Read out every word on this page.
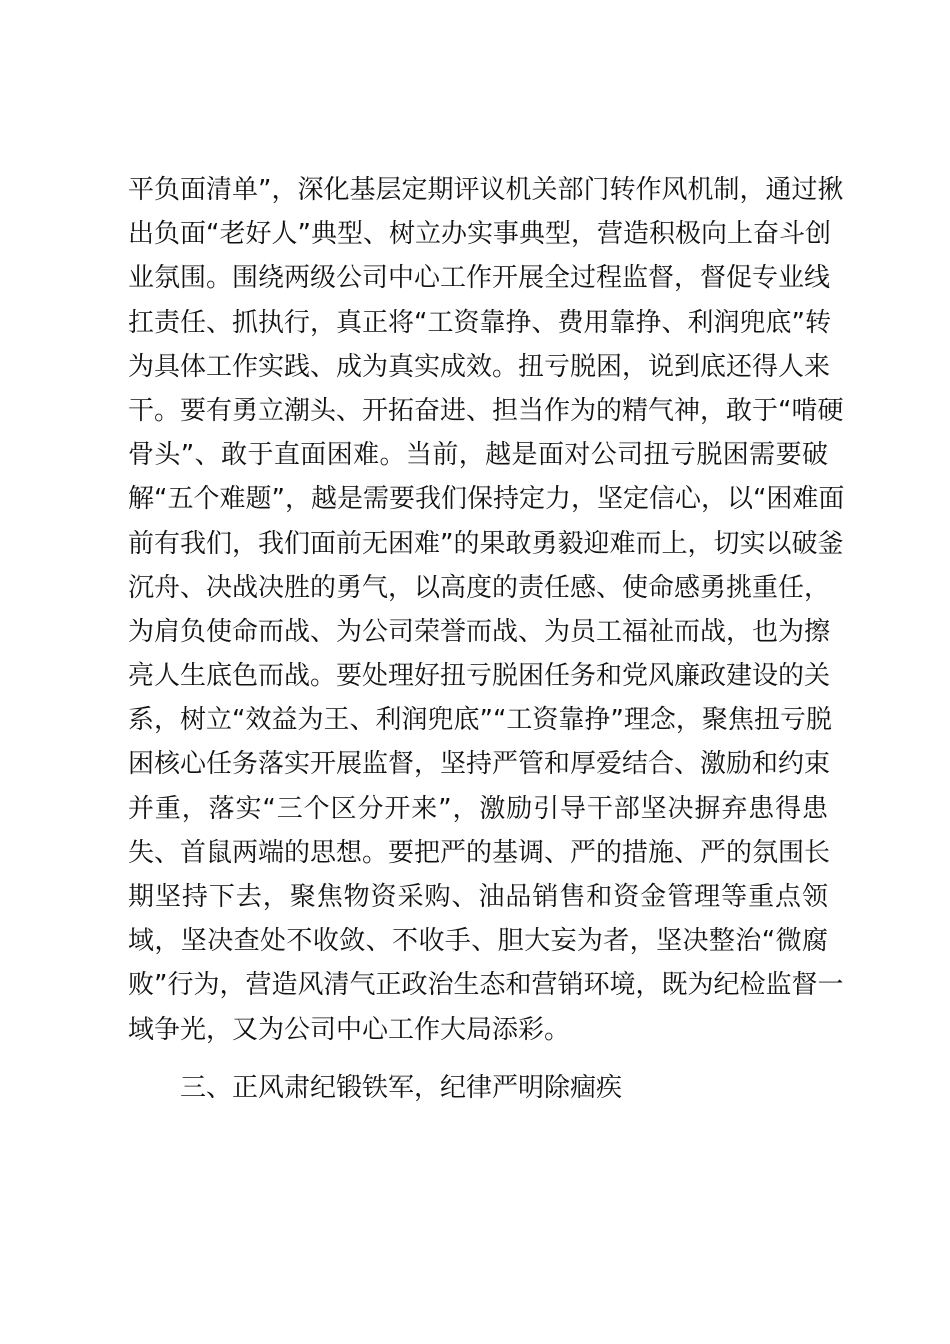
平负面清单”，深化基层定期评议机关部门转作风机制，通过揪
出负面“老好人”典型、树立办实事典型，营造积极向上奋斗创
业氛围。围绕两级公司中心工作开展全过程监督，督促专业线
扛责任、抓执行，真正将“工资靠挣、费用靠挣、利润兜底”转
为具体工作实践、成为真实成效。扭亏脱困，说到底还得人来
干。要有勇立潮头、开拓奋进、担当作为的精气神，敢于“啃硬
骨头”、敢于直面困难。当前，越是面对公司扭亏脱困需要破
解“五个难题”，越是需要我们保持定力，坚定信心，以“困难面
前有我们，我们面前无困难”的果敢勇毅迎难而上，切实以破釜
沉舟、决战决胜的勇气，以高度的责任感、使命感勇挑重任，
为肩负使命而战、为公司荣誉而战、为员工福祉而战，也为擦
亮人生底色而战。要处理好扭亏脱困任务和党风廉政建设的关
系，树立“效益为王、利润兜底”“工资靠挣”理念，聚焦扭亏脱
困核心任务落实开展监督，坚持严管和厚爱结合、激励和约束
并重，落实“三个区分开来”，激励引导干部坚决摒弃患得患
失、首鼠两端的思想。要把严的基调、严的措施、严的氛围长
期坚持下去，聚焦物资采购、油品销售和资金管理等重点领
域，坚决查处不收敛、不收手、胆大妄为者，坚决整治“微腐
败”行为，营造风清气正政治生态和营销环境，既为纪检监督一
域争光，又为公司中心工作大局添彩。
三、正风肃纪锻铁军，纪律严明除痼疾
